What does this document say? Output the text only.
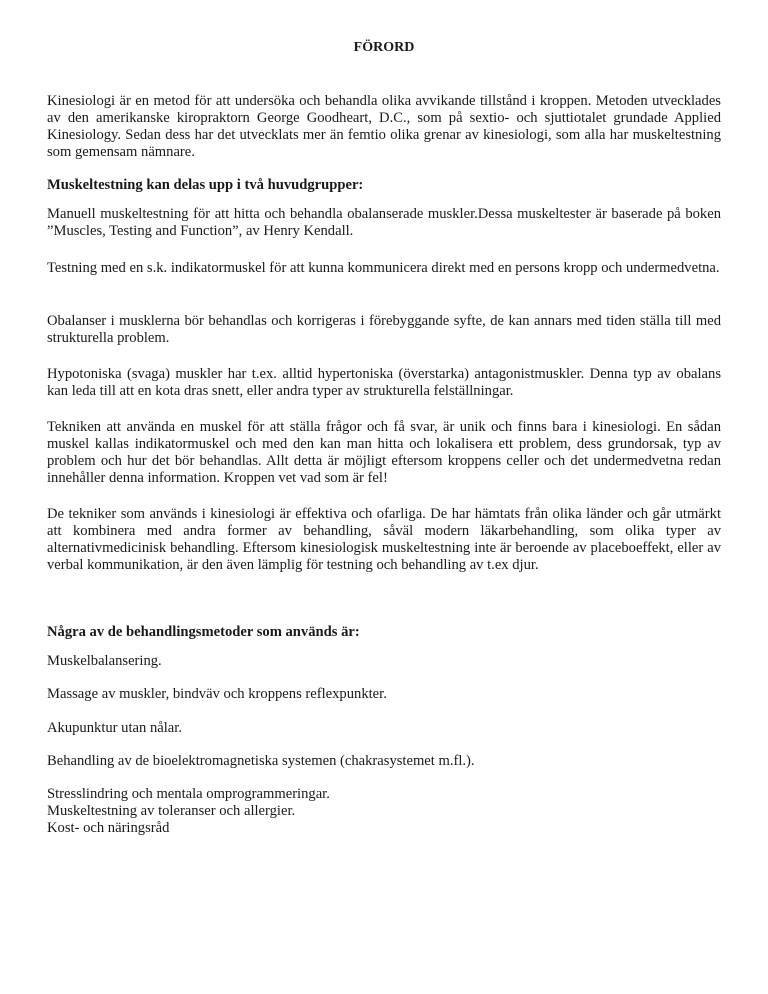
FÖRORD

Kinesiologi är en metod för att undersöka och behandla olika avvikande tillstånd i kroppen. Metoden utvecklades av den amerikanske kiropraktorn George Goodheart, D.C., som på sextio- och sjuttiotalet grundade Applied Kinesiology. Sedan dess har det utvecklats mer än femtio olika grenar av kinesiologi, som alla har muskeltestning som gemensam nämnare.

Muskeltestning kan delas upp i två huvudgrupper:

Manuell muskeltestning för att hitta och behandla obalanserade muskler.Dessa muskeltester är baserade på boken ”Muscles, Testing and Function”, av Henry Kendall.

Testning med en s.k. indikatormuskel för att kunna kommunicera direkt med en persons kropp och undermedvetna.

Obalanser i musklerna bör behandlas och korrigeras i förebyggande syfte, de kan annars med tiden ställa till med strukturella problem.

Hypotoniska (svaga) muskler har t.ex. alltid hypertoniska (överstarka) antagonistmuskler. Denna typ av obalans kan leda till att en kota dras snett, eller andra typer av strukturella felställningar.

Tekniken att använda en muskel för att ställa frågor och få svar, är unik och finns bara i kinesiologi. En sådan muskel kallas indikatormuskel och med den kan man hitta och lokalisera ett problem, dess grundorsak, typ av problem och hur det bör behandlas. Allt detta är möjligt eftersom kroppens celler och det undermedvetna redan innehåller denna information. Kroppen vet vad som är fel!

De tekniker som används i kinesiologi är effektiva och ofarliga. De har hämtats från olika länder och går utmärkt att kombinera med andra former av behandling, såväl modern läkarbehandling, som olika typer av alternativmedicinisk behandling. Eftersom kinesiologisk muskeltestning inte är beroende av placeboeffekt, eller av verbal kommunikation, är den även lämplig för testning och behandling av t.ex djur.

Några av de behandlingsmetoder som används är:

Muskelbalansering.

Massage av muskler, bindväv och kroppens reflexpunkter.

Akupunktur utan nålar.

Behandling av de bioelektromagnetiska systemen (chakrasystemet m.fl.).

Stresslindring och mentala omprogrammeringar.

Muskeltestning av toleranser och allergier.

Kost- och näringsråd
